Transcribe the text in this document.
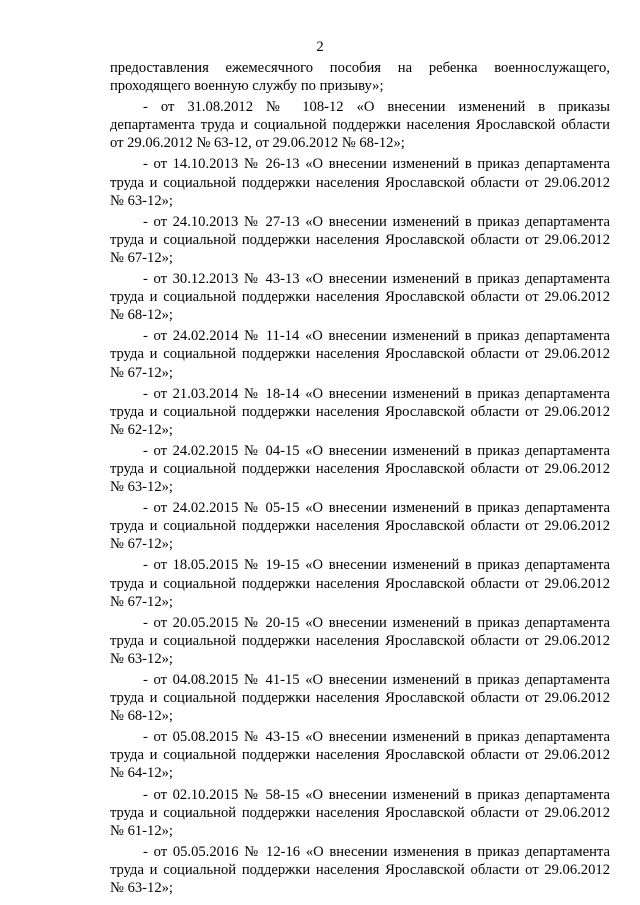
2
предоставления ежемесячного пособия на ребенка военнослужащего,
проходящего военную службу по призыву»;
- от 31.08.2012 № 108-12 «О внесении изменений в приказы
департамента труда и социальной поддержки населения Ярославской области
от 29.06.2012 № 63-12, от 29.06.2012 № 68-12»;
- от 14.10.2013 № 26-13 «О внесении изменений в приказ департамента
труда и социальной поддержки населения Ярославской области от 29.06.2012
№ 63-12»;
- от 24.10.2013 № 27-13 «О внесении изменений в приказ департамента
труда и социальной поддержки населения Ярославской области от 29.06.2012
№ 67-12»;
- от 30.12.2013 № 43-13 «О внесении изменений в приказ департамента
труда и социальной поддержки населения Ярославской области от 29.06.2012
№ 68-12»;
- от 24.02.2014 № 11-14 «О внесении изменений в приказ департамента
труда и социальной поддержки населения Ярославской области от 29.06.2012
№ 67-12»;
- от 21.03.2014 № 18-14 «О внесении изменений в приказ департамента
труда и социальной поддержки населения Ярославской области от 29.06.2012
№ 62-12»;
- от 24.02.2015 № 04-15 «О внесении изменений в приказ департамента
труда и социальной поддержки населения Ярославской области от 29.06.2012
№ 63-12»;
- от 24.02.2015 № 05-15 «О внесении изменений в приказ департамента
труда и социальной поддержки населения Ярославской области от 29.06.2012
№ 67-12»;
- от 18.05.2015 № 19-15 «О внесении изменений в приказ департамента
труда и социальной поддержки населения Ярославской области от 29.06.2012
№ 67-12»;
- от 20.05.2015 № 20-15 «О внесении изменений в приказ департамента
труда и социальной поддержки населения Ярославской области от 29.06.2012
№ 63-12»;
- от 04.08.2015 № 41-15 «О внесении изменений в приказ департамента
труда и социальной поддержки населения Ярославской области от 29.06.2012
№ 68-12»;
- от 05.08.2015 № 43-15 «О внесении изменений в приказ департамента
труда и социальной поддержки населения Ярославской области от 29.06.2012
№ 64-12»;
- от 02.10.2015 № 58-15 «О внесении изменений в приказ департамента
труда и социальной поддержки населения Ярославской области от 29.06.2012
№ 61-12»;
- от 05.05.2016 № 12-16 «О внесении изменения в приказ департамента
труда и социальной поддержки населения Ярославской области от 29.06.2012
№ 63-12»;
